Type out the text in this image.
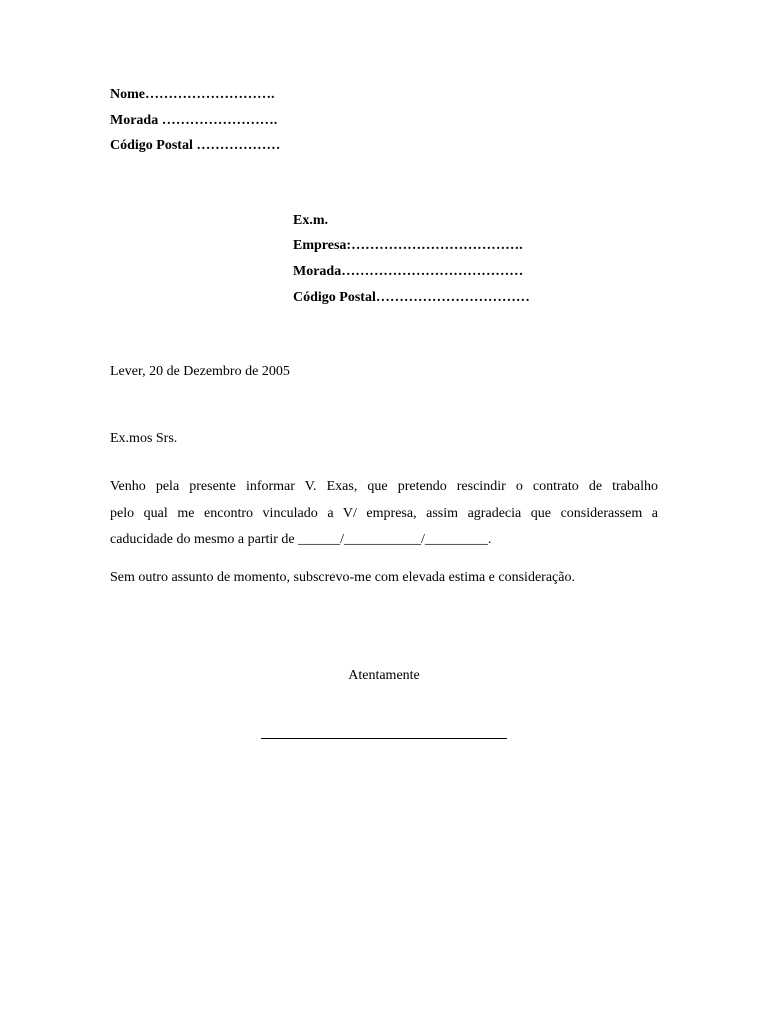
Nome……………………….
Morada …………………….
Código Postal ………………
Ex.m.
Empresa:……………………………….
Morada…………………………………
Código Postal……………………………
Lever, 20 de Dezembro de 2005
Ex.mos Srs.
Venho pela presente informar V. Exas, que pretendo rescindir o contrato de trabalho
pelo qual me encontro vinculado a V/ empresa, assim agradecia que considerassem a
caducidade do mesmo a partir de ______/___________/_________.
Sem outro assunto de momento, subscrevo-me com elevada estima e consideração.
Atentamente
